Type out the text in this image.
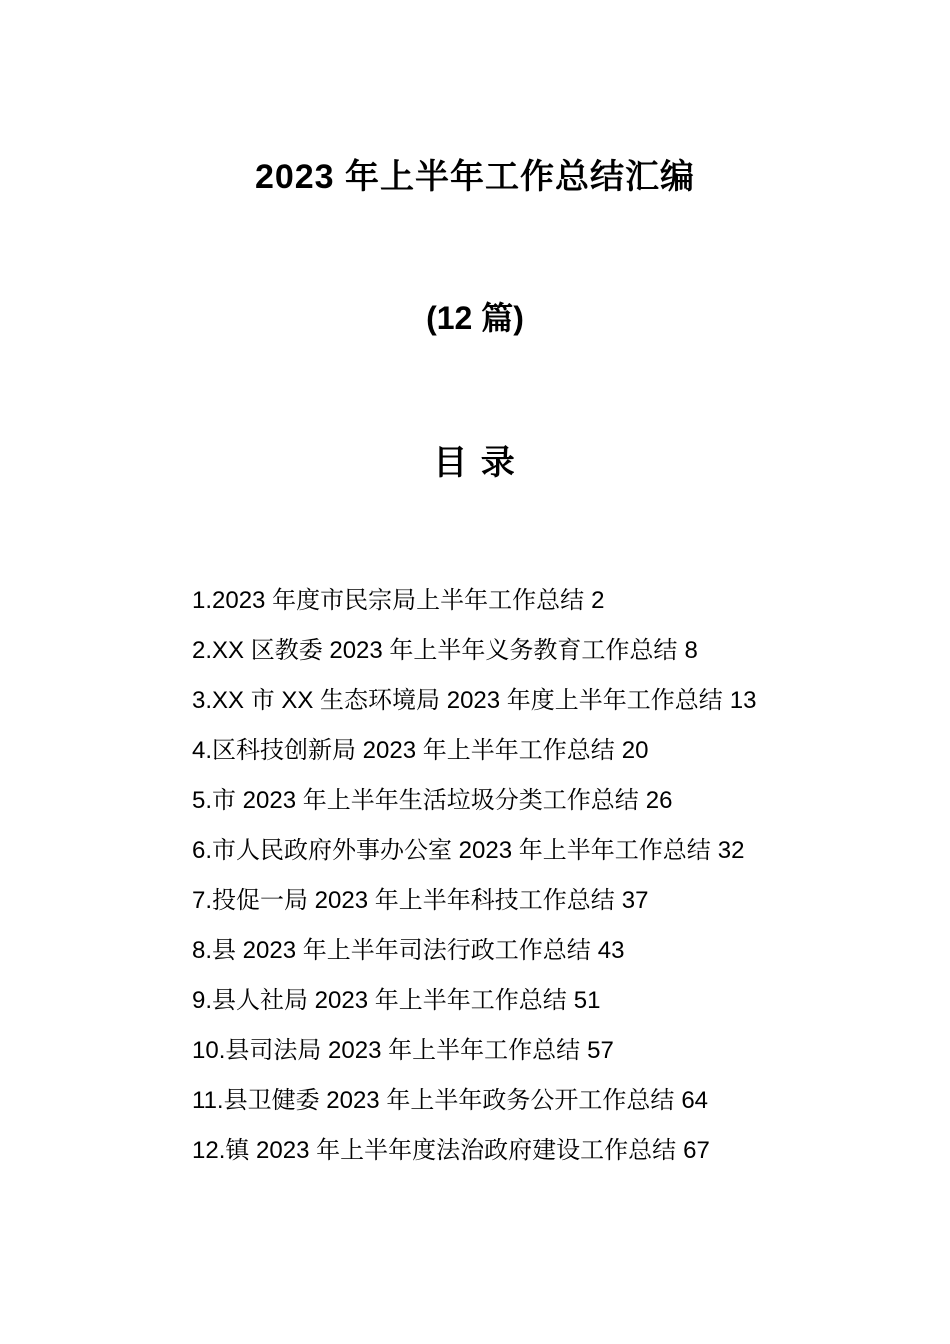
2023 年上半年工作总结汇编
(12 篇)
目 录
1.2023 年度市民宗局上半年工作总结 2
2.XX 区教委 2023 年上半年义务教育工作总结 8
3.XX 市 XX 生态环境局 2023 年度上半年工作总结 13
4.区科技创新局 2023 年上半年工作总结 20
5.市 2023 年上半年生活垃圾分类工作总结 26
6.市人民政府外事办公室 2023 年上半年工作总结 32
7.投促一局 2023 年上半年科技工作总结 37
8.县 2023 年上半年司法行政工作总结 43
9.县人社局 2023 年上半年工作总结 51
10.县司法局 2023 年上半年工作总结 57
11.县卫健委 2023 年上半年政务公开工作总结 64
12.镇 2023 年上半年度法治政府建设工作总结 67
